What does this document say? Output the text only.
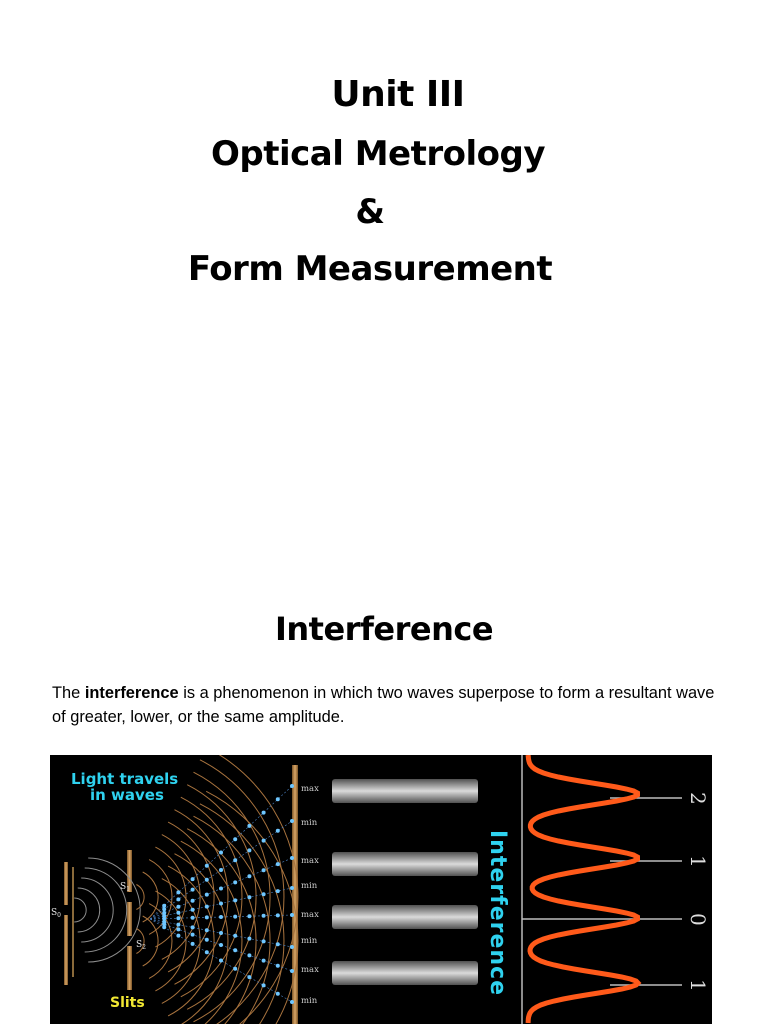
Unit III
Optical Metrology
&
Form Measurement
Interference

The interference is a phenomenon in which two waves superpose to form a resultant wave of greater, lower, or the same amplitude.

max
min
max
min
max
min
max
min
Light travels
in waves
Slits
$S_0$
$S_1$
$S_2$	Interference
2
1
0
1
